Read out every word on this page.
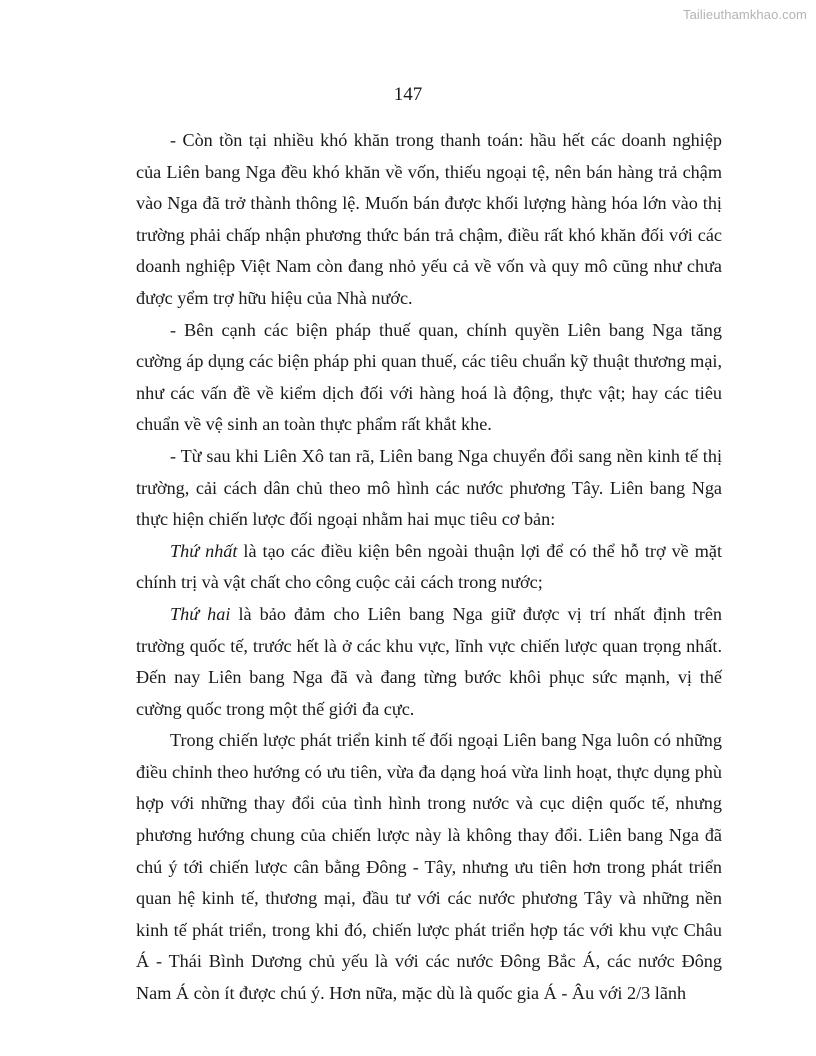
Tailieuthamkhao.com
147

- Còn tồn tại nhiều khó khăn trong thanh toán: hầu hết các doanh nghiệp của Liên bang Nga đều khó khăn về vốn, thiếu ngoại tệ, nên bán hàng trả chậm vào Nga đã trở thành thông lệ. Muốn bán được khối lượng hàng hóa lớn vào thị trường phải chấp nhận phương thức bán trả chậm, điều rất khó khăn đối với các doanh nghiệp Việt Nam còn đang nhỏ yếu cả về vốn và quy mô cũng như chưa được yểm trợ hữu hiệu của Nhà nước.

- Bên cạnh các biện pháp thuế quan, chính quyền Liên bang Nga tăng cường áp dụng các biện pháp phi quan thuế, các tiêu chuẩn kỹ thuật thương mại, như các vấn đề về kiểm dịch đối với hàng hoá là động, thực vật; hay các tiêu chuẩn về vệ sinh an toàn thực phẩm rất khắt khe.

- Từ sau khi Liên Xô tan rã, Liên bang Nga chuyển đổi sang nền kinh tế thị trường, cải cách dân chủ theo mô hình các nước phương Tây. Liên bang Nga thực hiện chiến lược đối ngoại nhằm hai mục tiêu cơ bản:

Thứ nhất là tạo các điều kiện bên ngoài thuận lợi để có thể hỗ trợ về mặt chính trị và vật chất cho công cuộc cải cách trong nước;

Thứ hai là bảo đảm cho Liên bang Nga giữ được vị trí nhất định trên trường quốc tế, trước hết là ở các khu vực, lĩnh vực chiến lược quan trọng nhất. Đến nay Liên bang Nga đã và đang từng bước khôi phục sức mạnh, vị thế cường quốc trong một thế giới đa cực.

Trong chiến lược phát triển kinh tế đối ngoại Liên bang Nga luôn có những điều chỉnh theo hướng có ưu tiên, vừa đa dạng hoá vừa linh hoạt, thực dụng phù hợp với những thay đổi của tình hình trong nước và cục diện quốc tế, nhưng phương hướng chung của chiến lược này là không thay đổi. Liên bang Nga đã chú ý tới chiến lược cân bằng Đông - Tây, nhưng ưu tiên hơn trong phát triển quan hệ kinh tế, thương mại, đầu tư với các nước phương Tây và những nền kinh tế phát triển, trong khi đó, chiến lược phát triển hợp tác với khu vực Châu Á - Thái Bình Dương chủ yếu là với các nước Đông Bắc Á, các nước Đông Nam Á còn ít được chú ý. Hơn nữa, mặc dù là quốc gia Á - Âu với 2/3 lãnh
